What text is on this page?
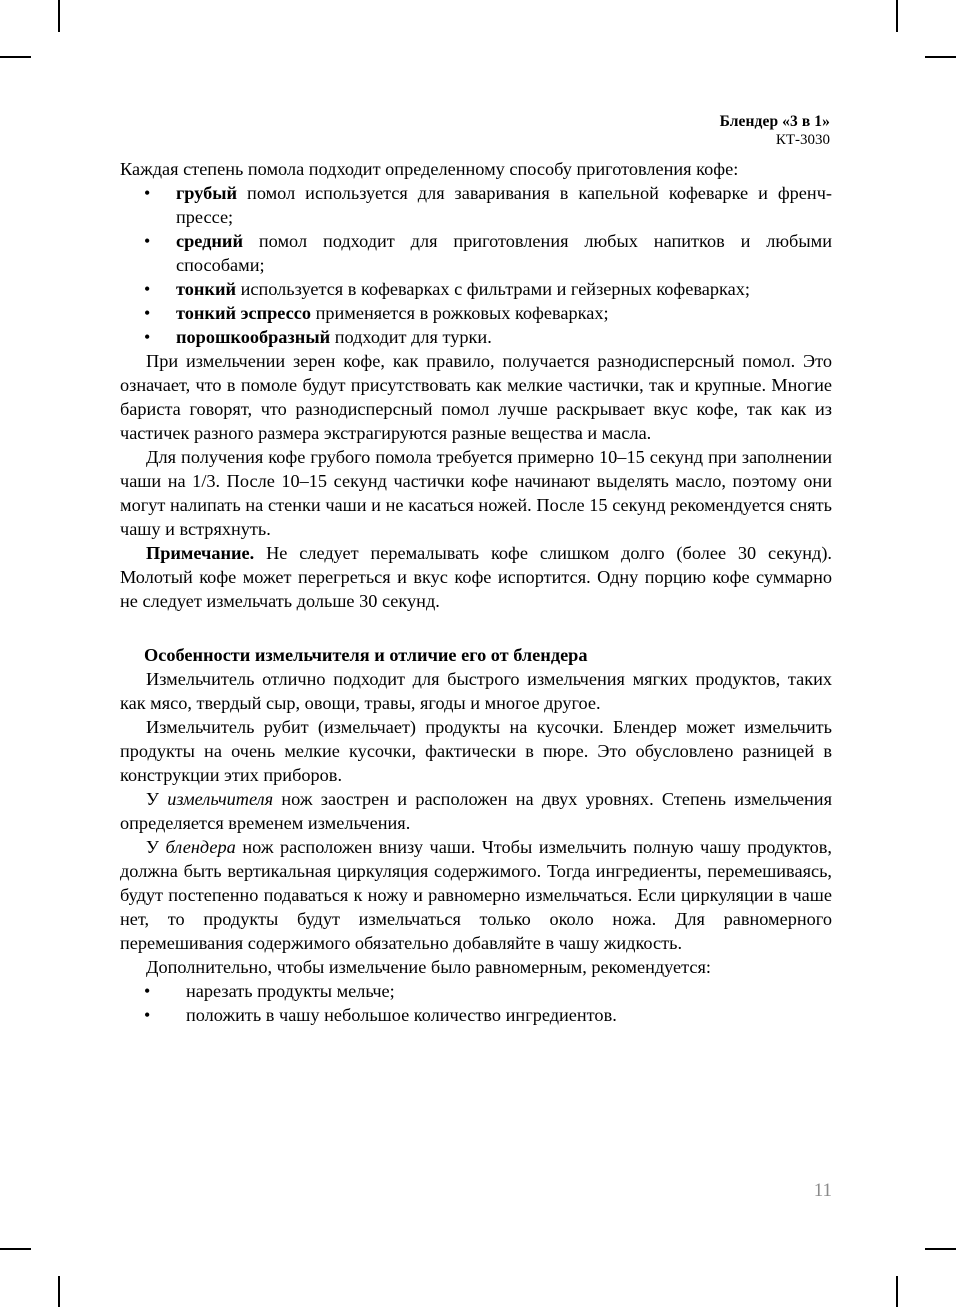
Блендер «3 в 1»
КТ-3030

Каждая степень помола подходит определенному способу приготовления кофе:

• грубый помол используется для заваривания в капельной кофеварке и френч-прессе;
• средний помол подходит для приготовления любых напитков и любыми способами;
• тонкий используется в кофеварках с фильтрами и гейзерных кофеварках;
• тонкий эспрессо применяется в рожковых кофеварках;
• порошкообразный подходит для турки.

При измельчении зерен кофе, как правило, получается разнодисперсный помол. Это означает, что в помоле будут присутствовать как мелкие частички, так и крупные. Многие бариста говорят, что разнодисперсный помол лучше раскрывает вкус кофе, так как из частичек разного размера экстрагируются разные вещества и масла.

Для получения кофе грубого помола требуется примерно 10–15 секунд при заполнении чаши на 1/3. После 10–15 секунд частички кофе начинают выделять масло, поэтому они могут налипать на стенки чаши и не касаться ножей. После 15 секунд рекомендуется снять чашу и встряхнуть.

Примечание. Не следует перемалывать кофе слишком долго (более 30 секунд). Молотый кофе может перегреться и вкус кофе испортится. Одну порцию кофе суммарно не следует измельчать дольше 30 секунд.

Особенности измельчителя и отличие его от блендера

Измельчитель отлично подходит для быстрого измельчения мягких продуктов, таких как мясо, твердый сыр, овощи, травы, ягоды и многое другое.

Измельчитель рубит (измельчает) продукты на кусочки. Блендер может измельчить продукты на очень мелкие кусочки, фактически в пюре. Это обусловлено разницей в конструкции этих приборов.

У измельчителя нож заострен и расположен на двух уровнях. Степень измельчения определяется временем измельчения.

У блендера нож расположен внизу чаши. Чтобы измельчить полную чашу продуктов, должна быть вертикальная циркуляция содержимого. Тогда ингредиенты, перемешиваясь, будут постепенно подаваться к ножу и равномерно измельчаться. Если циркуляции в чаше нет, то продукты будут измельчаться только около ножа. Для равномерного перемешивания содержимого обязательно добавляйте в чашу жидкость.

Дополнительно, чтобы измельчение было равномерным, рекомендуется:

• нарезать продукты мельче;
• положить в чашу небольшое количество ингредиентов.
11
